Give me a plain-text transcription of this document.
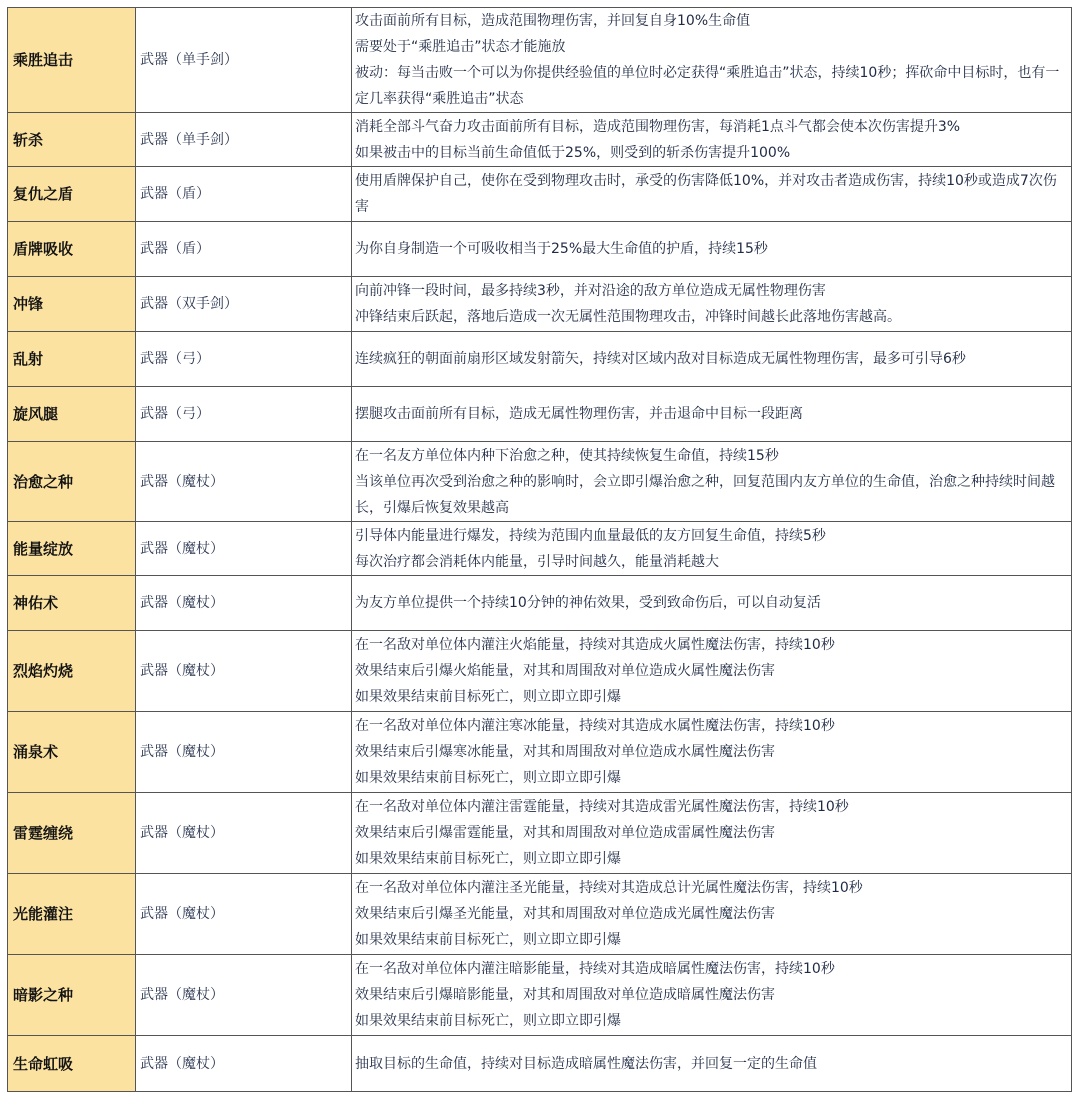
乘胜追击	武器（单手剑）	攻击面前所有目标，造成范围物理伤害，并回复自身10%生命值
需要处于“乘胜追击”状态才能施放
被动：每当击败一个可以为你提供经验值的单位时必定获得“乘胜追击”状态，持续10秒；挥砍命中目标时，也有一定几率获得“乘胜追击”状态

斩杀	武器（单手剑）	消耗全部斗气奋力攻击面前所有目标，造成范围物理伤害，每消耗1点斗气都会使本次伤害提升3%
如果被击中的目标当前生命值低于25%，则受到的斩杀伤害提升100%

复仇之盾	武器（盾）	使用盾牌保护自己，使你在受到物理攻击时，承受的伤害降低10%，并对攻击者造成伤害，持续10秒或造成7次伤害

盾牌吸收	武器（盾）	为你自身制造一个可吸收相当于25%最大生命值的护盾，持续15秒

冲锋	武器（双手剑）	向前冲锋一段时间，最多持续3秒，并对沿途的敌方单位造成无属性物理伤害
冲锋结束后跃起，落地后造成一次无属性范围物理攻击，冲锋时间越长此落地伤害越高。

乱射	武器（弓）	连续疯狂的朝面前扇形区域发射箭矢，持续对区域内敌对目标造成无属性物理伤害，最多可引导6秒

旋风腿	武器（弓）	摆腿攻击面前所有目标，造成无属性物理伤害，并击退命中目标一段距离

治愈之种	武器（魔杖）	在一名友方单位体内种下治愈之种，使其持续恢复生命值，持续15秒
当该单位再次受到治愈之种的影响时，会立即引爆治愈之种，回复范围内友方单位的生命值，治愈之种持续时间越长，引爆后恢复效果越高

能量绽放	武器（魔杖）	引导体内能量进行爆发，持续为范围内血量最低的友方回复生命值，持续5秒
每次治疗都会消耗体内能量，引导时间越久，能量消耗越大

神佑术	武器（魔杖）	为友方单位提供一个持续10分钟的神佑效果，受到致命伤后，可以自动复活

烈焰灼烧	武器（魔杖）	在一名敌对单位体内灌注火焰能量，持续对其造成火属性魔法伤害，持续10秒
效果结束后引爆火焰能量，对其和周围敌对单位造成火属性魔法伤害
如果效果结束前目标死亡，则立即立即引爆

涌泉术	武器（魔杖）	在一名敌对单位体内灌注寒冰能量，持续对其造成水属性魔法伤害，持续10秒
效果结束后引爆寒冰能量，对其和周围敌对单位造成水属性魔法伤害
如果效果结束前目标死亡，则立即立即引爆

雷霆缠绕	武器（魔杖）	在一名敌对单位体内灌注雷霆能量，持续对其造成雷光属性魔法伤害，持续10秒
效果结束后引爆雷霆能量，对其和周围敌对单位造成雷属性魔法伤害
如果效果结束前目标死亡，则立即立即引爆

光能灌注	武器（魔杖）	在一名敌对单位体内灌注圣光能量，持续对其造成总计光属性魔法伤害，持续10秒
效果结束后引爆圣光能量，对其和周围敌对单位造成光属性魔法伤害
如果效果结束前目标死亡，则立即立即引爆

暗影之种	武器（魔杖）	在一名敌对单位体内灌注暗影能量，持续对其造成暗属性魔法伤害，持续10秒
效果结束后引爆暗影能量，对其和周围敌对单位造成暗属性魔法伤害
如果效果结束前目标死亡，则立即立即引爆

生命虹吸	武器（魔杖）	抽取目标的生命值，持续对目标造成暗属性魔法伤害，并回复一定的生命值
